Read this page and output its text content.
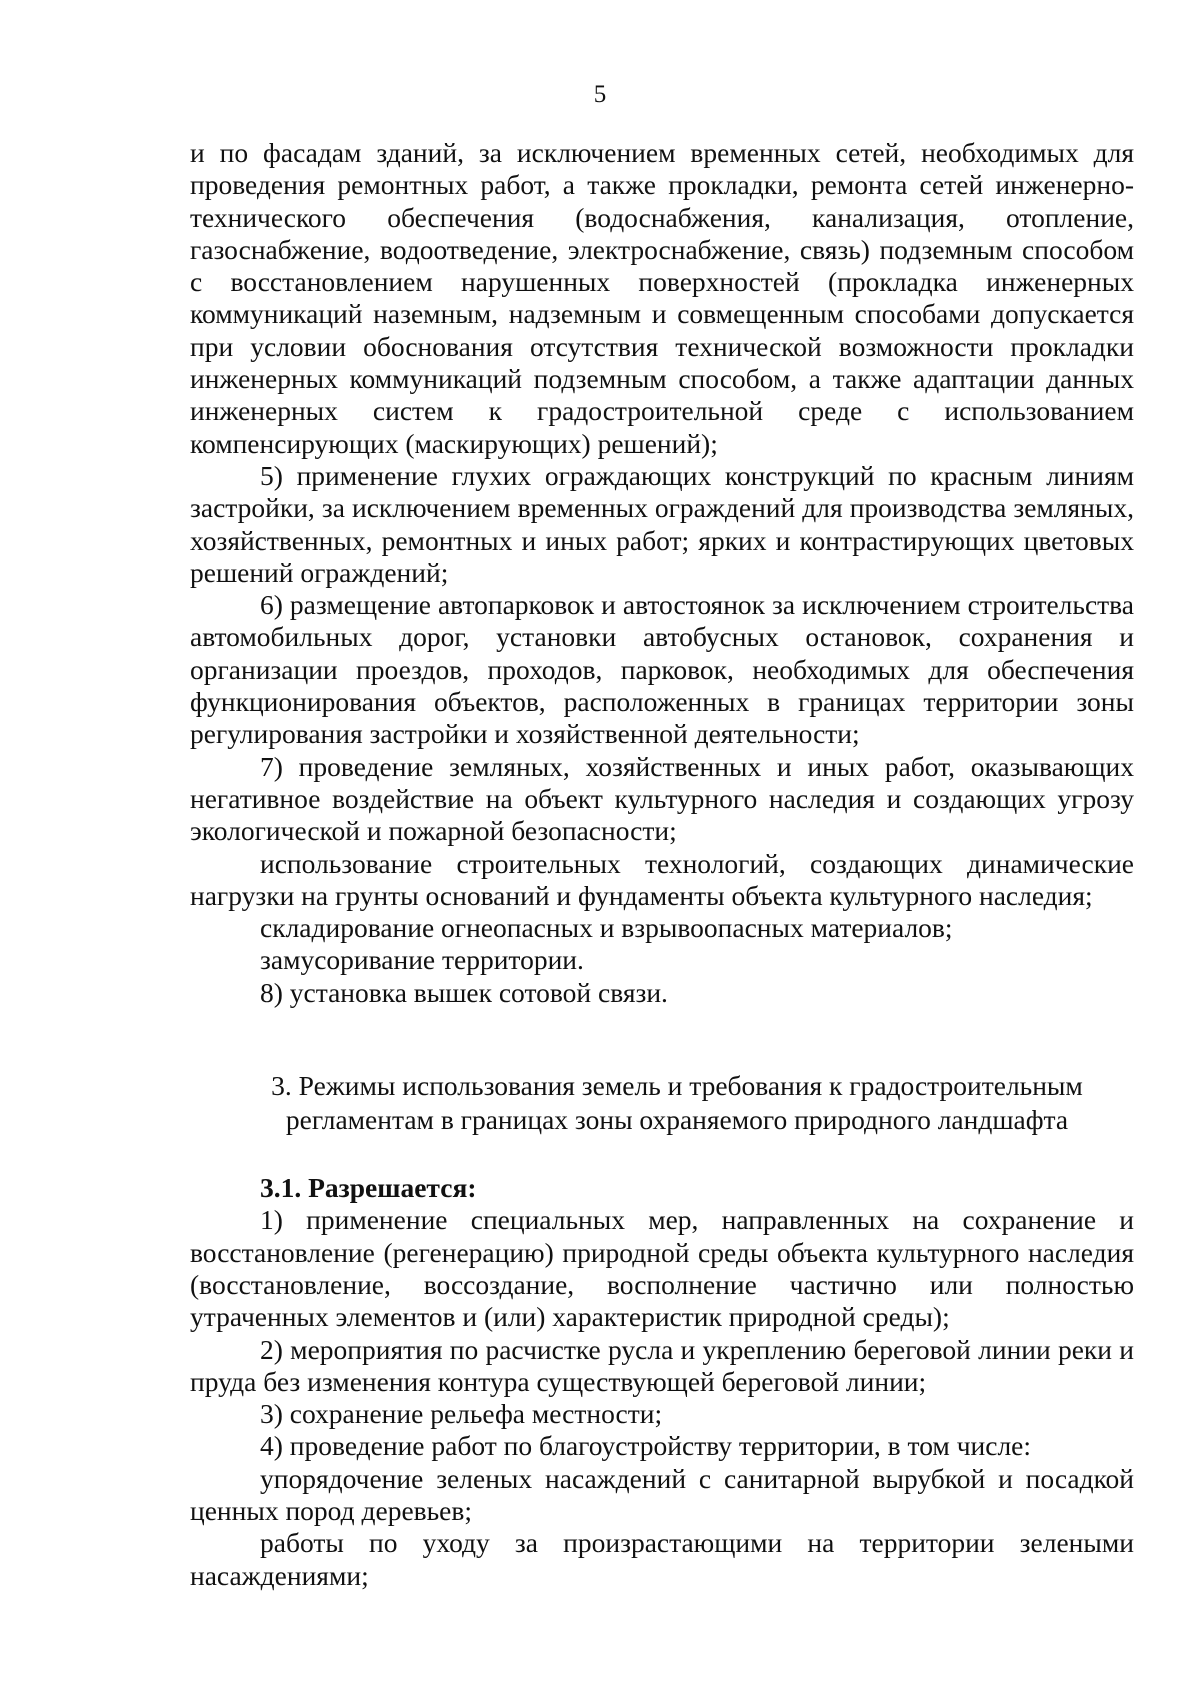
5

и по фасадам зданий, за исключением временных сетей, необходимых для проведения ремонтных работ, а также прокладки, ремонта сетей инженерно-технического обеспечения (водоснабжения, канализация, отопление, газоснабжение, водоотведение, электроснабжение, связь) подземным способом с восстановлением нарушенных поверхностей (прокладка инженерных коммуникаций наземным, надземным и совмещенным способами допускается при условии обоснования отсутствия технической возможности прокладки инженерных коммуникаций подземным способом, а также адаптации данных инженерных систем к градостроительной среде с использованием компенсирующих (маскирующих) решений);

5) применение глухих ограждающих конструкций по красным линиям застройки, за исключением временных ограждений для производства земляных, хозяйственных, ремонтных и иных работ; ярких и контрастирующих цветовых решений ограждений;

6) размещение автопарковок и автостоянок за исключением строительства автомобильных дорог, установки автобусных остановок, сохранения и организации проездов, проходов, парковок, необходимых для обеспечения функционирования объектов, расположенных в границах территории зоны регулирования застройки и хозяйственной деятельности;

7) проведение земляных, хозяйственных и иных работ, оказывающих негативное воздействие на объект культурного наследия и создающих угрозу экологической и пожарной безопасности;

использование строительных технологий, создающих динамические нагрузки на грунты оснований и фундаменты объекта культурного наследия;

складирование огнеопасных и взрывоопасных материалов;

замусоривание территории.

8) установка вышек сотовой связи.

3. Режимы использования земель и требования к градостроительным
регламентам в границах зоны охраняемого природного ландшафта

3.1. Разрешается:

1) применение специальных мер, направленных на сохранение и восстановление (регенерацию) природной среды объекта культурного наследия (восстановление, воссоздание, восполнение частично или полностью утраченных элементов и (или) характеристик природной среды);

2) мероприятия по расчистке русла и укреплению береговой линии реки и пруда без изменения контура существующей береговой линии;

3) сохранение рельефа местности;

4) проведение работ по благоустройству территории, в том числе:

упорядочение зеленых насаждений с санитарной вырубкой и посадкой ценных пород деревьев;

работы по уходу за произрастающими на территории зелеными насаждениями;
